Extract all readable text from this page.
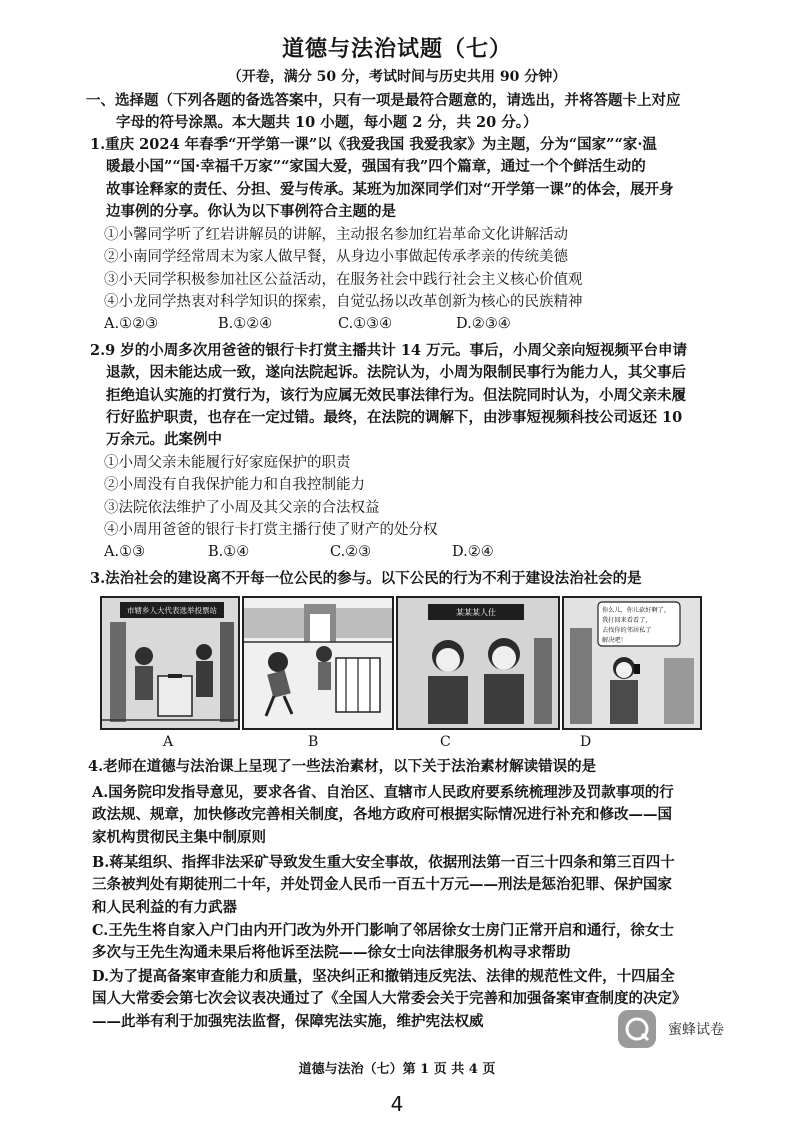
道德与法治试题（七）
（开卷，满分 50 分，考试时间与历史共用 90 分钟）
一、选择题（下列各题的备选答案中，只有一项是最符合题意的，请选出，并将答题卡上对应
字母的符号涂黑。本大题共 10 小题，每小题 2 分，共 20 分。）
1.重庆 2024 年春季“开学第一课”以《我爱我国 我爱我家》为主题，分为“国家”“家·温
暖最小国”“国·幸福千万家”“家国大爱，强国有我”四个篇章，通过一个个鲜活生动的
故事诠释家的责任、分担、爱与传承。某班为加深同学们对“开学第一课”的体会，展开身
边事例的分享。你认为以下事例符合主题的是
①小馨同学听了红岩讲解员的讲解，主动报名参加红岩革命文化讲解活动
②小南同学经常周末为家人做早餐，从身边小事做起传承孝亲的传统美德
③小天同学积极参加社区公益活动，在服务社会中践行社会主义核心价值观
④小龙同学热衷对科学知识的探索，自觉弘扬以改革创新为核心的民族精神
A.①②③	B.①②④	C.①③④	D.②③④
2.9 岁的小周多次用爸爸的银行卡打赏主播共计 14 万元。事后，小周父亲向短视频平台申请
退款，因未能达成一致，遂向法院起诉。法院认为，小周为限制民事行为能力人，其父事后
拒绝追认实施的打赏行为，该行为应属无效民事法律行为。但法院同时认为，小周父亲未履
行好监护职责，也存在一定过错。最终，在法院的调解下，由涉事短视频科技公司返还 10
万余元。此案例中
①小周父亲未能履行好家庭保护的职责
②小周没有自我保护能力和自我控制能力
③法院依法维护了小周及其父亲的合法权益
④小周用爸爸的银行卡打赏主播行使了财产的处分权
A.①③	B.①④	C.②③	D.②④
3.法治社会的建设离不开每一位公民的参与。以下公民的行为不利于建设法治社会的是
市辖乡人大代表选举投票站	某某某人仕	你么儿，你儿砍好啊了，
我打回来看看了，
去找你的邻居私了
解决吧！
A	B	C	D
4.老师在道德与法治课上呈现了一些法治素材，以下关于法治素材解读错误的是
A.国务院印发指导意见，要求各省、自治区、直辖市人民政府要系统梳理涉及罚款事项的行
政法规、规章，加快修改完善相关制度，各地方政府可根据实际情况进行补充和修改——国
家机构贯彻民主集中制原则
B.蒋某组织、指挥非法采矿导致发生重大安全事故，依据刑法第一百三十四条和第三百四十
三条被判处有期徒刑二十年，并处罚金人民币一百五十万元——刑法是惩治犯罪、保护国家
和人民利益的有力武器
C.王先生将自家入户门由内开门改为外开门影响了邻居徐女士房门正常开启和通行，徐女士
多次与王先生沟通未果后将他诉至法院——徐女士向法律服务机构寻求帮助
D.为了提高备案审查能力和质量，坚决纠正和撤销违反宪法、法律的规范性文件，十四届全
国人大常委会第七次会议表决通过了《全国人大常委会关于完善和加强备案审查制度的决定》
——此举有利于加强宪法监督，保障宪法实施，维护宪法权威
蜜蜂试卷
道德与法治（七）第 1 页 共 4 页
4
